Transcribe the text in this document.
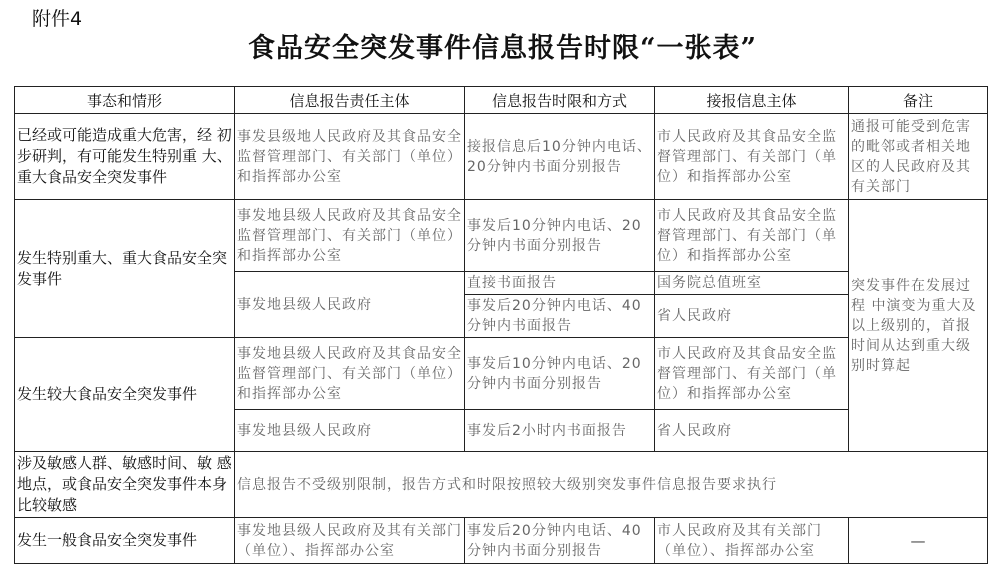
附件4
食品安全突发事件信息报告时限“一张表”
事态和情形	信息报告责任主体	信息报告时限和方式	接报信息主体	备注
已经或可能造成重大危害，经 初步研判，有可能发生特别重 大、重大食品安全突发事件	事发县级地人民政府及其食品安全监督管理部门、有关部门（单位）和指挥部办公室	接报信息后10分钟内电话、20分钟内书面分别报告	市人民政府及其食品安全监督管理部门、有关部门（单位）和指挥部办公室	通报可能受到危害的毗邻或者相关地区的人民政府及其有关部门
发生特别重大、重大食品安全突发事件	事发地县级人民政府及其食品安全监督管理部门、有关部门（单位）和指挥部办公室	事发后10分钟内电话、20分钟内书面分别报告	市人民政府及其食品安全监督管理部门、有关部门（单位）和指挥部办公室	突发事件在发展过程 中演变为重大及以上级别的，首报时间从达到重大级别时算起
	事发地县级人民政府	直接书面报告	国务院总值班室	
		事发后20分钟内电话、40分钟内书面报告	省人民政府	
发生较大食品安全突发事件	事发地县级人民政府及其食品安全监督管理部门、有关部门（单位）和指挥部办公室	事发后10分钟内电话、20分钟内书面分别报告	市人民政府及其食品安全监督管理部门、有关部门（单位）和指挥部办公室	
	事发地县级人民政府	事发后2小时内书面报告	省人民政府	
涉及敏感人群、敏感时间、敏 感地点，或食品安全突发事件本身比较敏感	信息报告不受级别限制，报告方式和时限按照较大级别突发事件信息报告要求执行			
发生一般食品安全突发事件	事发地县级人民政府及其有关部门（单位）、指挥部办公室	事发后20分钟内电话、40分钟内书面分别报告	市人民政府及其有关部门（单位）、指挥部办公室	—
